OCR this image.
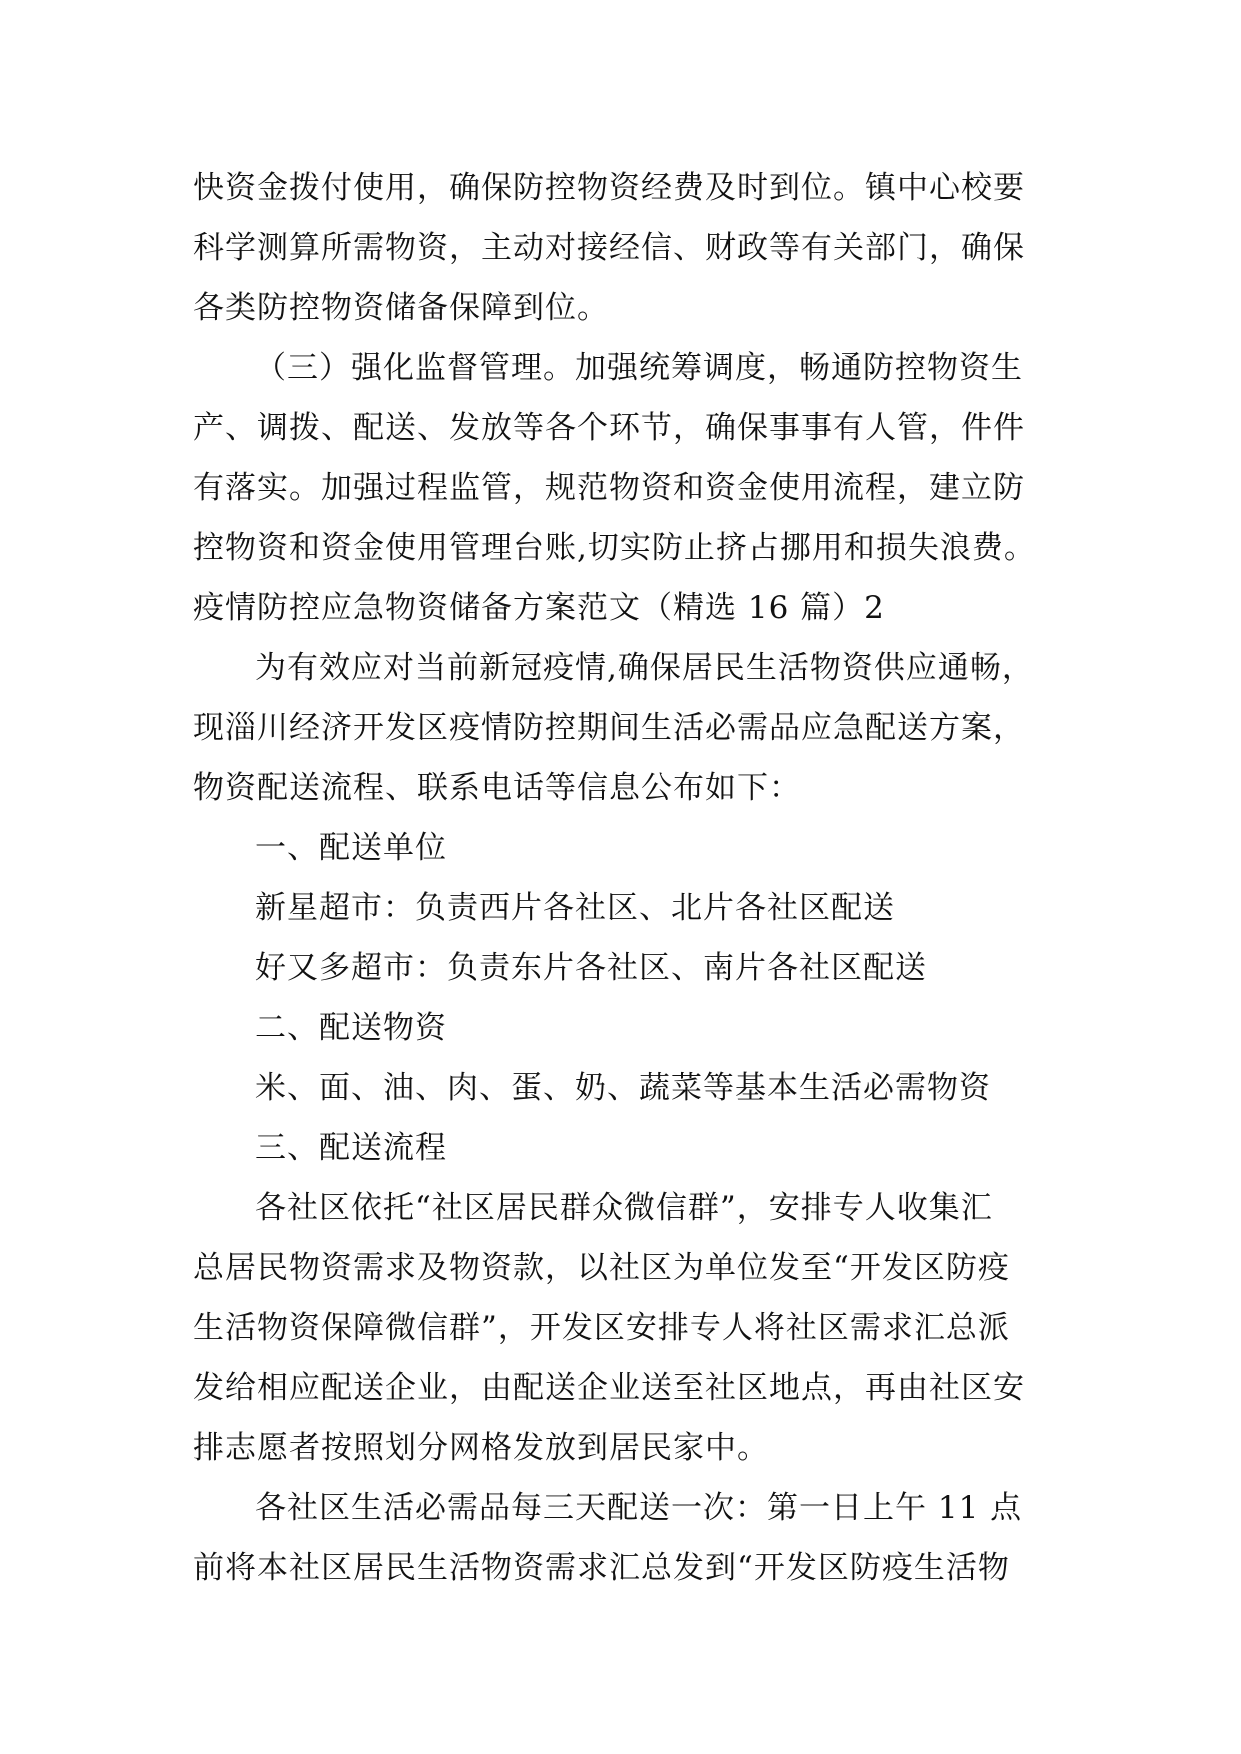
快资金拨付使用，确保防控物资经费及时到位。镇中心校要
科学测算所需物资，主动对接经信、财政等有关部门，确保
各类防控物资储备保障到位。
（三）强化监督管理。加强统筹调度，畅通防控物资生
产、调拨、配送、发放等各个环节，确保事事有人管，件件
有落实。加强过程监管，规范物资和资金使用流程，建立防
控物资和资金使用管理台账,切实防止挤占挪用和损失浪费。
疫情防控应急物资储备方案范文（精选 16 篇）2
为有效应对当前新冠疫情,确保居民生活物资供应通畅，
现淄川经济开发区疫情防控期间生活必需品应急配送方案，
物资配送流程、联系电话等信息公布如下：
一、配送单位
新星超市：负责西片各社区、北片各社区配送
好又多超市：负责东片各社区、南片各社区配送
二、配送物资
米、面、油、肉、蛋、奶、蔬菜等基本生活必需物资
三、配送流程
各社区依托“社区居民群众微信群”，安排专人收集汇
总居民物资需求及物资款，以社区为单位发至“开发区防疫
生活物资保障微信群”，开发区安排专人将社区需求汇总派
发给相应配送企业，由配送企业送至社区地点，再由社区安
排志愿者按照划分网格发放到居民家中。
各社区生活必需品每三天配送一次：第一日上午 11 点
前将本社区居民生活物资需求汇总发到“开发区防疫生活物
